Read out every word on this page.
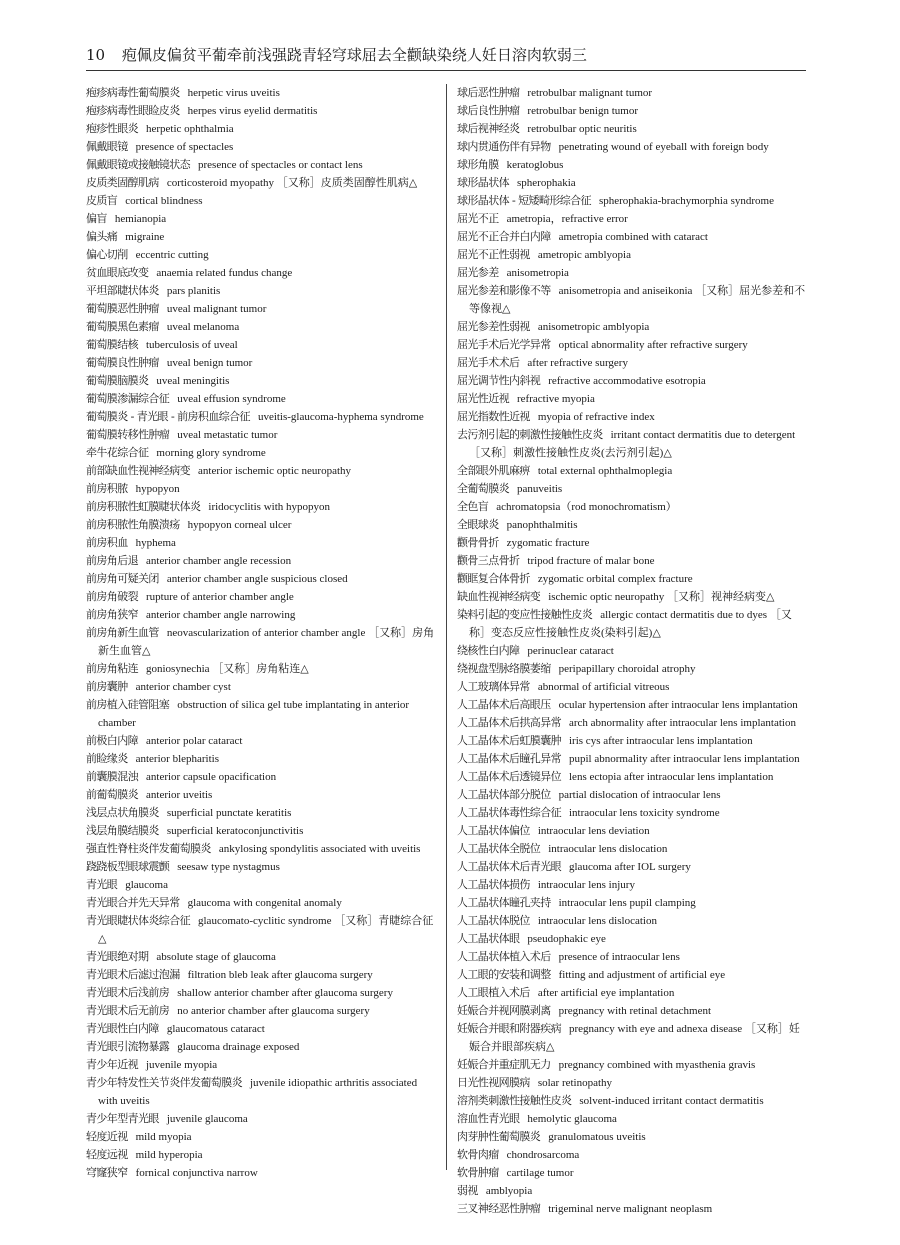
10 疱佩皮偏贫平葡牵前浅强跷青轻穹球屈去全颧缺染绕人妊日溶肉软弱三
疱疹病毒性葡萄膜炎 herpetic virus uveitis
疱疹病毒性眼睑皮炎 herpes virus eyelid dermatitis
疱疹性眼炎 herpetic ophthalmia
佩戴眼镜 presence of spectacles
佩戴眼镜或接触镜状态 presence of spectacles or contact lens
皮质类固醇肌病 corticosteroid myopathy ［又称］皮质类固醇性肌病△
皮质盲 cortical blindness
偏盲 hemianopia
偏头痛 migraine
偏心切削 eccentric cutting
贫血眼底改变 anaemia related fundus change
平坦部睫状体炎 pars planitis
葡萄膜恶性肿瘤 uveal malignant tumor
葡萄膜黑色素瘤 uveal melanoma
葡萄膜结核 tuberculosis of uveal
葡萄膜良性肿瘤 uveal benign tumor
葡萄膜脑膜炎 uveal meningitis
葡萄膜渗漏综合征 uveal effusion syndrome
葡萄膜炎 - 青光眼 - 前房积血综合征 uveitis-glaucoma-hyphema syndrome
葡萄膜转移性肿瘤 uveal metastatic tumor
牵牛花综合征 morning glory syndrome
前部缺血性视神经病变 anterior ischemic optic neuropathy
前房积脓 hypopyon
前房积脓性虹膜睫状体炎 iridocyclitis with hypopyon
前房积脓性角膜溃疡 hypopyon corneal ulcer
前房积血 hyphema
前房角后退 anterior chamber angle recession
前房角可疑关闭 anterior chamber angle suspicious closed
前房角破裂 rupture of anterior chamber angle
前房角狭窄 anterior chamber angle narrowing
前房角新生血管 neovascularization of anterior chamber angle ［又称］房角新生血管△
前房角粘连 goniosynechia ［又称］房角粘连△
前房囊肿 anterior chamber cyst
前房植入硅管阻塞 obstruction of silica gel tube implantating in anterior chamber
前极白内障 anterior polar cataract
前睑缘炎 anterior blepharitis
前囊膜混浊 anterior capsule opacification
前葡萄膜炎 anterior uveitis
浅层点状角膜炎 superficial punctate keratitis
浅层角膜结膜炎 superficial keratoconjunctivitis
强直性脊柱炎伴发葡萄膜炎 ankylosing spondylitis associated with uveitis
跷跷板型眼球震颤 seesaw type nystagmus
青光眼 glaucoma
青光眼合并先天异常 glaucoma with congenital anomaly
青光眼睫状体炎综合征 glaucomato-cyclitic syndrome ［又称］青睫综合征△
青光眼绝对期 absolute stage of glaucoma
青光眼术后滤过泡漏 filtration bleb leak after glaucoma surgery
青光眼术后浅前房 shallow anterior chamber after glaucoma surgery
青光眼术后无前房 no anterior chamber after glaucoma surgery
青光眼性白内障 glaucomatous cataract
青光眼引流物暴露 glaucoma drainage exposed
青少年近视 juvenile myopia
青少年特发性关节炎伴发葡萄膜炎 juvenile idiopathic arthritis associated with uveitis
青少年型青光眼 juvenile glaucoma
轻度近视 mild myopia
轻度远视 mild hyperopia
穹窿狭窄 fornical conjunctiva narrow
球后恶性肿瘤 retrobulbar malignant tumor
球后良性肿瘤 retrobulbar benign tumor
球后视神经炎 retrobulbar optic neuritis
球内贯通伤伴有异物 penetrating wound of eyeball with foreign body
球形角膜 keratoglobus
球形晶状体 spherophakia
球形晶状体 - 短矮畸形综合征 spherophakia-brachymorphia syndrome
屈光不正 ametropia，refractive error
屈光不正合并白内障 ametropia combined with cataract
屈光不正性弱视 ametropic amblyopia
屈光参差 anisometropia
屈光参差和影像不等 anisometropia and aniseikonia ［又称］屈光参差和不等像视△
屈光参差性弱视 anisometropic amblyopia
屈光手术后光学异常 optical abnormality after refractive surgery
屈光手术术后 after refractive surgery
屈光调节性内斜视 refractive accommodative esotropia
屈光性近视 refractive myopia
屈光指数性近视 myopia of refractive index
去污剂引起的刺激性接触性皮炎 irritant contact dermatitis due to detergent ［又称］刺激性接触性皮炎(去污剂引起)△
全部眼外肌麻痹 total external ophthalmoplegia
全葡萄膜炎 panuveitis
全色盲 achromatopsia（rod monochromatism）
全眼球炎 panophthalmitis
颧骨骨折 zygomatic fracture
颧骨三点骨折 tripod fracture of malar bone
颧眶复合体骨折 zygomatic orbital complex fracture
缺血性视神经病变 ischemic optic neuropathy ［又称］视神经病变△
染料引起的变应性接触性皮炎 allergic contact dermatitis due to dyes ［又称］变态反应性接触性皮炎(染料引起)△
绕核性白内障 perinuclear cataract
绕视盘型脉络膜萎缩 peripapillary choroidal atrophy
人工玻璃体异常 abnormal of artificial vitreous
人工晶体术后高眼压 ocular hypertension after intraocular lens implantation
人工晶体术后拱高异常 arch abnormality after intraocular lens implantation
人工晶体术后虹膜囊肿 iris cys after intraocular lens implantation
人工晶体术后瞳孔异常 pupil abnormality after intraocular lens implantation
人工晶体术后透镜异位 lens ectopia after intraocular lens implantation
人工晶状体部分脱位 partial dislocation of intraocular lens
人工晶状体毒性综合征 intraocular lens toxicity syndrome
人工晶状体偏位 intraocular lens deviation
人工晶状体全脱位 intraocular lens dislocation
人工晶状体术后青光眼 glaucoma after IOL surgery
人工晶状体损伤 intraocular lens injury
人工晶状体瞳孔夹持 intraocular lens pupil clamping
人工晶状体脱位 intraocular lens dislocation
人工晶状体眼 pseudophakic eye
人工晶状体植入术后 presence of intraocular lens
人工眼的安装和调整 fitting and adjustment of artificial eye
人工眼植入术后 after artificial eye implantation
妊娠合并视网膜剥离 pregnancy with retinal detachment
妊娠合并眼和附器疾病 pregnancy with eye and adnexa disease ［又称］妊娠合并眼部疾病△
妊娠合并重症肌无力 pregnancy combined with myasthenia gravis
日光性视网膜病 solar retinopathy
溶剂类刺激性接触性皮炎 solvent-induced irritant contact dermatitis
溶血性青光眼 hemolytic glaucoma
肉芽肿性葡萄膜炎 granulomatous uveitis
软骨肉瘤 chondrosarcoma
软骨肿瘤 cartilage tumor
弱视 amblyopia
三叉神经恶性肿瘤 trigeminal nerve malignant neoplasm
